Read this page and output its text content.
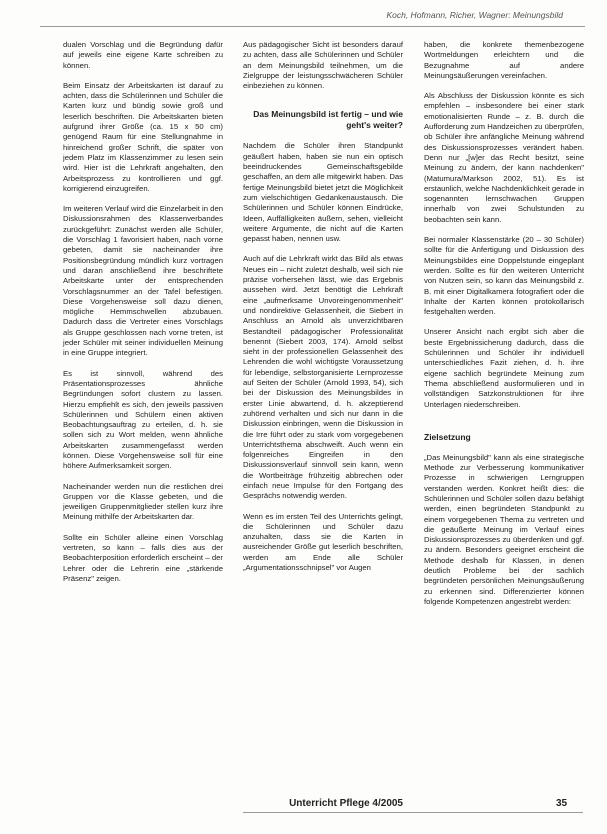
Koch, Hofmann, Richer, Wagner: Meinungsbild

dualen Vorschlag und die Begründung dafür auf jeweils eine eigene Karte schreiben zu können.

Beim Einsatz der Arbeitskarten ist darauf zu achten, dass die Schülerinnen und Schüler die Karten kurz und bündig sowie groß und leserlich beschriften. Die Arbeitskarten bieten aufgrund ihrer Größe (ca. 15 x 50 cm) genügend Raum für eine Stellungnahme in hinreichend großer Schrift, die später von jedem Platz im Klassenzimmer zu lesen sein wird. Hier ist die Lehrkraft angehalten, den Arbeitsprozess zu kontrollieren und ggf. korrigierend einzugreifen.

Im weiteren Verlauf wird die Einzelarbeit in den Diskussionsrahmen des Klassenverbandes zurückgeführt: Zunächst werden alle Schüler, die Vorschlag 1 favorisiert haben, nach vorne gebeten, damit sie nacheinander ihre Positionsbegründung mündlich kurz vortragen und daran anschließend ihre beschriftete Arbeitskarte unter der entsprechenden Vorschlagsnummer an der Tafel befestigen. Diese Vorgehensweise soll dazu dienen, mögliche Hemmschwellen abzubauen. Dadurch dass die Vertreter eines Vorschlags als Gruppe geschlossen nach vorne treten, ist jeder Schüler mit seiner individuellen Meinung in eine Gruppe integriert.

Es ist sinnvoll, während des Präsentationsprozesses ähnliche Begründungen sofort clustern zu lassen. Hierzu empfiehlt es sich, den jeweils passiven Schülerinnen und Schülern einen aktiven Beobachtungsauftrag zu erteilen, d. h. sie sollen sich zu Wort melden, wenn ähnliche Arbeitskarten zusammengefasst werden können. Diese Vorgehensweise soll für eine höhere Aufmerksamkeit sorgen.

Nacheinander werden nun die restlichen drei Gruppen vor die Klasse gebeten, und die jeweiligen Gruppenmitglieder stellen kurz ihre Meinung mithilfe der Arbeitskarten dar.

Sollte ein Schüler alleine einen Vorschlag vertreten, so kann – falls dies aus der Beobachterposition erforderlich erscheint – der Lehrer oder die Lehrerin eine „stärkende Präsenz" zeigen.

Aus pädagogischer Sicht ist besonders darauf zu achten, dass alle Schülerinnen und Schüler an dem Meinungsbild teilnehmen, um die Zielgruppe der leistungsschwächeren Schüler einbeziehen zu können.

Das Meinungsbild ist fertig – und wie geht's weiter?

Nachdem die Schüler ihren Standpunkt geäußert haben, haben sie nun ein optisch beeindruckendes Gemeinschaftsgebilde geschaffen, an dem alle mitgewirkt haben. Das fertige Meinungsbild bietet jetzt die Möglichkeit zum vielschichtigen Gedankenaustausch. Die Schülerinnen und Schüler können Eindrücke, Ideen, Auffälligkeiten äußern, sehen, vielleicht weitere Argumente, die nicht auf die Karten gepasst haben, nennen usw.

Auch auf die Lehrkraft wirkt das Bild als etwas Neues ein – nicht zuletzt deshalb, weil sich nie präzise vorhersehen lässt, wie das Ergebnis aussehen wird. Jetzt benötigt die Lehrkraft eine „aufmerksame Unvoreingenommenheit" und nondirektive Gelassenheit, die Siebert in Anschluss an Arnold als unverzichtbaren Bestandteil pädagogischer Professionalität benennt (Siebert 2003, 174). Arnold selbst sieht in der professionellen Gelassenheit des Lehrenden die wohl wichtigste Voraussetzung für lebendige, selbstorganisierte Lernprozesse auf Seiten der Schüler (Arnold 1993, 54), sich bei der Diskussion des Meinungsbildes in erster Linie abwartend, d. h. akzeptierend zuhörend verhalten und sich nur dann in die Diskussion einbringen, wenn die Diskussion in die Irre führt oder zu stark vom vorgegebenen Unterrichtsthema abschweift. Auch wenn ein folgenreiches Eingreifen in den Diskussionsverlauf sinnvoll sein kann, wenn die Wortbeiträge frühzeitig abbrechen oder einfach neue Impulse für den Fortgang des Gesprächs notwendig werden.

Wenn es im ersten Teil des Unterrichts gelingt, die Schülerinnen und Schüler dazu anzuhalten, dass sie die Karten in ausreichender Größe gut leserlich beschriften, werden am Ende alle Schüler „Argumentationsschnipsel" vor Augen

haben, die konkrete themenbezogene Wortmeldungen erleichtern und die Bezugnahme auf andere Meinungsäußerungen vereinfachen.

Als Abschluss der Diskussion könnte es sich empfehlen – insbesondere bei einer stark emotionalisierten Runde – z. B. durch die Aufforderung zum Handzeichen zu überprüfen, ob Schüler ihre anfängliche Meinung während des Diskussionsprozesses verändert haben. Denn nur „[w]er das Recht besitzt, seine Meinung zu ändern, der kann nachdenken" (Matumura/Markson 2002, 51). Es ist erstaunlich, welche Nachdenklichkeit gerade in sogenannten lernschwachen Gruppen innerhalb von zwei Schulstunden zu beobachten sein kann.

Bei normaler Klassenstärke (20 – 30 Schüler) sollte für die Anfertigung und Diskussion des Meinungsbildes eine Doppelstunde eingeplant werden. Sollte es für den weiteren Unterricht von Nutzen sein, so kann das Meinungsbild z. B. mit einer Digitalkamera fotografiert oder die Inhalte der Karten können protokollarisch festgehalten werden.

Unserer Ansicht nach ergibt sich aber die beste Ergebnissicherung dadurch, dass die Schülerinnen und Schüler ihr individuell unterschiedliches Fazit ziehen, d. h. ihre eigene sachlich begründete Meinung zum Thema abschließend ausformulieren und in vollständigen Satzkonstruktionen für ihre Unterlagen niederschreiben.

Zielsetzung

„Das Meinungsbild" kann als eine strategische Methode zur Verbesserung kommunikativer Prozesse in schwierigen Lerngruppen verstanden werden. Konkret heißt dies: die Schülerinnen und Schüler sollen dazu befähigt werden, einen begründeten Standpunkt zu einem vorgegebenen Thema zu vertreten und die geäußerte Meinung im Verlauf eines Diskussionsprozesses zu überdenken und ggf. zu ändern. Besonders geeignet erscheint die Methode deshalb für Klassen, in denen deutlich Probleme bei der sachlich begründeten persönlichen Meinungsäußerung zu erkennen sind. Differenzierter können folgende Kompetenzen angestrebt werden:

Unterricht Pflege 4/2005	35
